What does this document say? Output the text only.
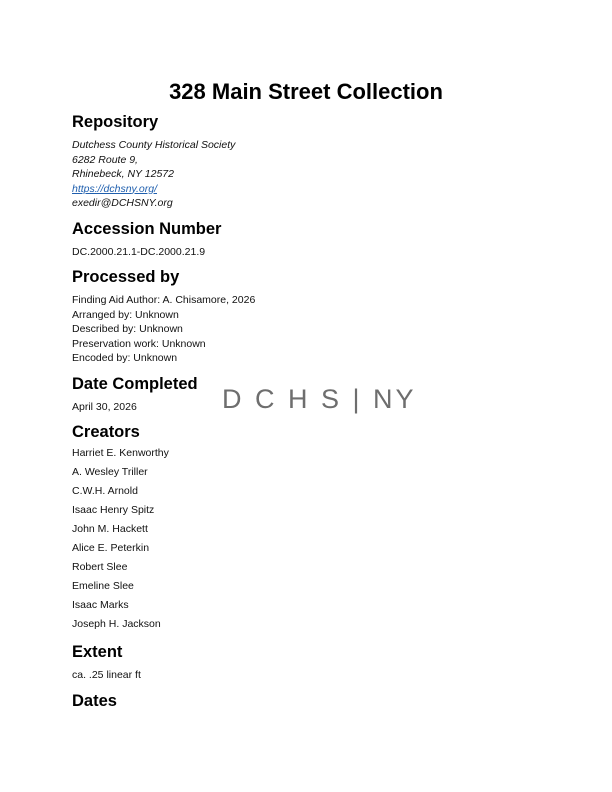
328 Main Street Collection

Repository

Dutchess County Historical Society

6282 Route 9,

Rhinebeck, NY 12572

https://dchsny.org/

exedir@DCHSNY.org

Accession Number

DC.2000.21.1-DC.2000.21.9

Processed by

Finding Aid Author: A. Chisamore, 2026

Arranged by: Unknown

Described by: Unknown

Preservation work: Unknown

Encoded by: Unknown

Date Completed

April 30, 2026

Creators

Harriet E. Kenworthy

A. Wesley Triller

C.W.H. Arnold

Isaac Henry Spitz

John M. Hackett

Alice E. Peterkin

Robert Slee

Emeline Slee

Isaac Marks

Joseph H. Jackson

Extent

ca. .25 linear ft

Dates

D C H S | NY
